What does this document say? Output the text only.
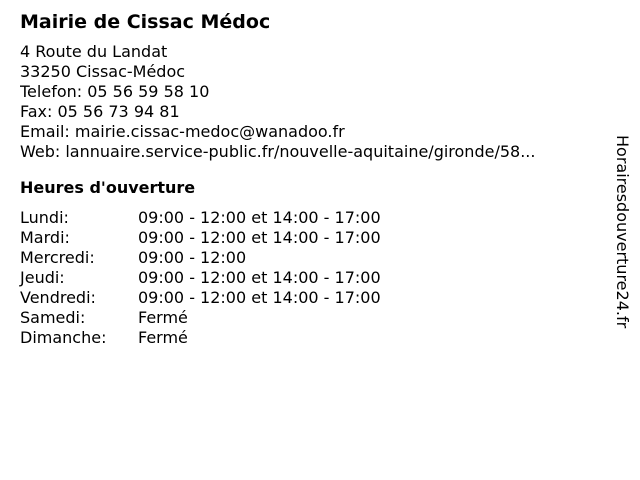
Mairie de Cissac Médoc
4 Route du Landat
33250 Cissac-Médoc
Telefon: 05 56 59 58 10
Fax: 05 56 73 94 81
Email: mairie.cissac-medoc@wanadoo.fr
Web: lannuaire.service-public.fr/nouvelle-aquitaine/gironde/58...
Heures d'ouverture
Lundi:	09:00 - 12:00 et 14:00 - 17:00
Mardi:	09:00 - 12:00 et 14:00 - 17:00
Mercredi:	09:00 - 12:00
Jeudi:	09:00 - 12:00 et 14:00 - 17:00
Vendredi:	09:00 - 12:00 et 14:00 - 17:00
Samedi:	Fermé
Dimanche:	Fermé
Horairesdouverture24.fr
